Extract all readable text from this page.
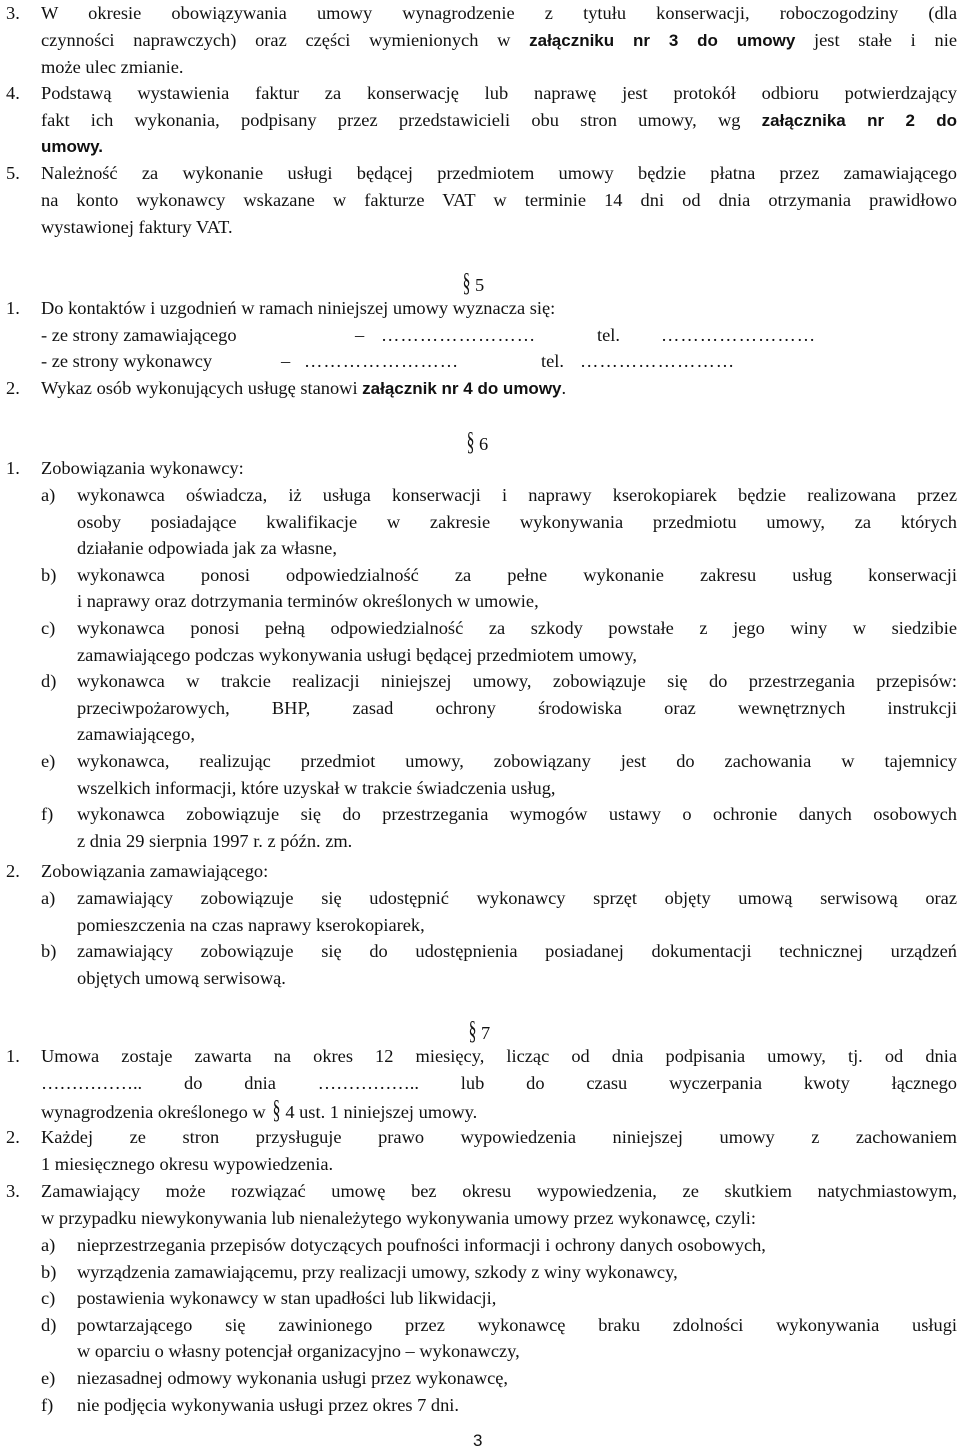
3. W okresie obowiązywania umowy wynagrodzenie z tytułu konserwacji, roboczogodziny (dla
czynności naprawczych) oraz części wymienionych w załączniku nr 3 do umowy jest stałe i nie
może ulec zmianie.
4. Podstawą wystawienia faktur za konserwację lub naprawę jest protokół odbioru potwierdzający
fakt ich wykonania, podpisany przez przedstawicieli obu stron umowy, wg załącznika nr 2 do
umowy.
5. Należność za wykonanie usługi będącej przedmiotem umowy będzie płatna przez zamawiającego
na konto wykonawcy wskazane w fakturze VAT w terminie 14 dni od dnia otrzymania prawidłowo
wystawionej faktury VAT.
§ 5
1. Do kontaktów i uzgodnień w ramach niniejszej umowy wyznacza się:
- ze strony zamawiającego	– ……………………	tel. ……………………
- ze strony wykonawcy	– ……………………	tel. ……………………
2. Wykaz osób wykonujących usługę stanowi załącznik nr 4 do umowy.
§ 6
1. Zobowiązania wykonawcy:
a) wykonawca oświadcza, iż usługa konserwacji i naprawy kserokopiarek będzie realizowana przez
osoby posiadające kwalifikacje w zakresie wykonywania przedmiotu umowy, za których
działanie odpowiada jak za własne,
b) wykonawca ponosi odpowiedzialność za pełne wykonanie zakresu usług konserwacji
i naprawy oraz dotrzymania terminów określonych w umowie,
c) wykonawca ponosi pełną odpowiedzialność za szkody powstałe z jego winy w siedzibie
zamawiającego podczas wykonywania usługi będącej przedmiotem umowy,
d) wykonawca w trakcie realizacji niniejszej umowy, zobowiązuje się do przestrzegania przepisów:
przeciwpożarowych, BHP, zasad ochrony środowiska oraz wewnętrznych instrukcji
zamawiającego,
e) wykonawca, realizując przedmiot umowy, zobowiązany jest do zachowania w tajemnicy
wszelkich informacji, które uzyskał w trakcie świadczenia usług,
f) wykonawca zobowiązuje się do przestrzegania wymogów ustawy o ochronie danych osobowych
z dnia 29 sierpnia 1997 r. z późn. zm.
2. Zobowiązania zamawiającego:
a) zamawiający zobowiązuje się udostępnić wykonawcy sprzęt objęty umową serwisową oraz
pomieszczenia na czas naprawy kserokopiarek,
b) zamawiający zobowiązuje się do udostępnienia posiadanej dokumentacji technicznej urządzeń
objętych umową serwisową.
§ 7
1. Umowa zostaje zawarta na okres 12 miesięcy, licząc od dnia podpisania umowy, tj. od dnia
…………….. do dnia …………….. lub do czasu wyczerpania kwoty łącznego
wynagrodzenia określonego w § 4 ust. 1 niniejszej umowy.
2. Każdej ze stron przysługuje prawo wypowiedzenia niniejszej umowy z zachowaniem
1 miesięcznego okresu wypowiedzenia.
3. Zamawiający może rozwiązać umowę bez okresu wypowiedzenia, ze skutkiem natychmiastowym,
w przypadku niewykonywania lub nienależytego wykonywania umowy przez wykonawcę, czyli:
a) nieprzestrzegania przepisów dotyczących poufności informacji i ochrony danych osobowych,
b) wyrządzenia zamawiającemu, przy realizacji umowy, szkody z winy wykonawcy,
c) postawienia wykonawcy w stan upadłości lub likwidacji,
d) powtarzającego się zawinionego przez wykonawcę braku zdolności wykonywania usługi
w oparciu o własny potencjał organizacyjno – wykonawczy,
e) niezasadnej odmowy wykonania usługi przez wykonawcę,
f) nie podjęcia wykonywania usługi przez okres 7 dni.
3
